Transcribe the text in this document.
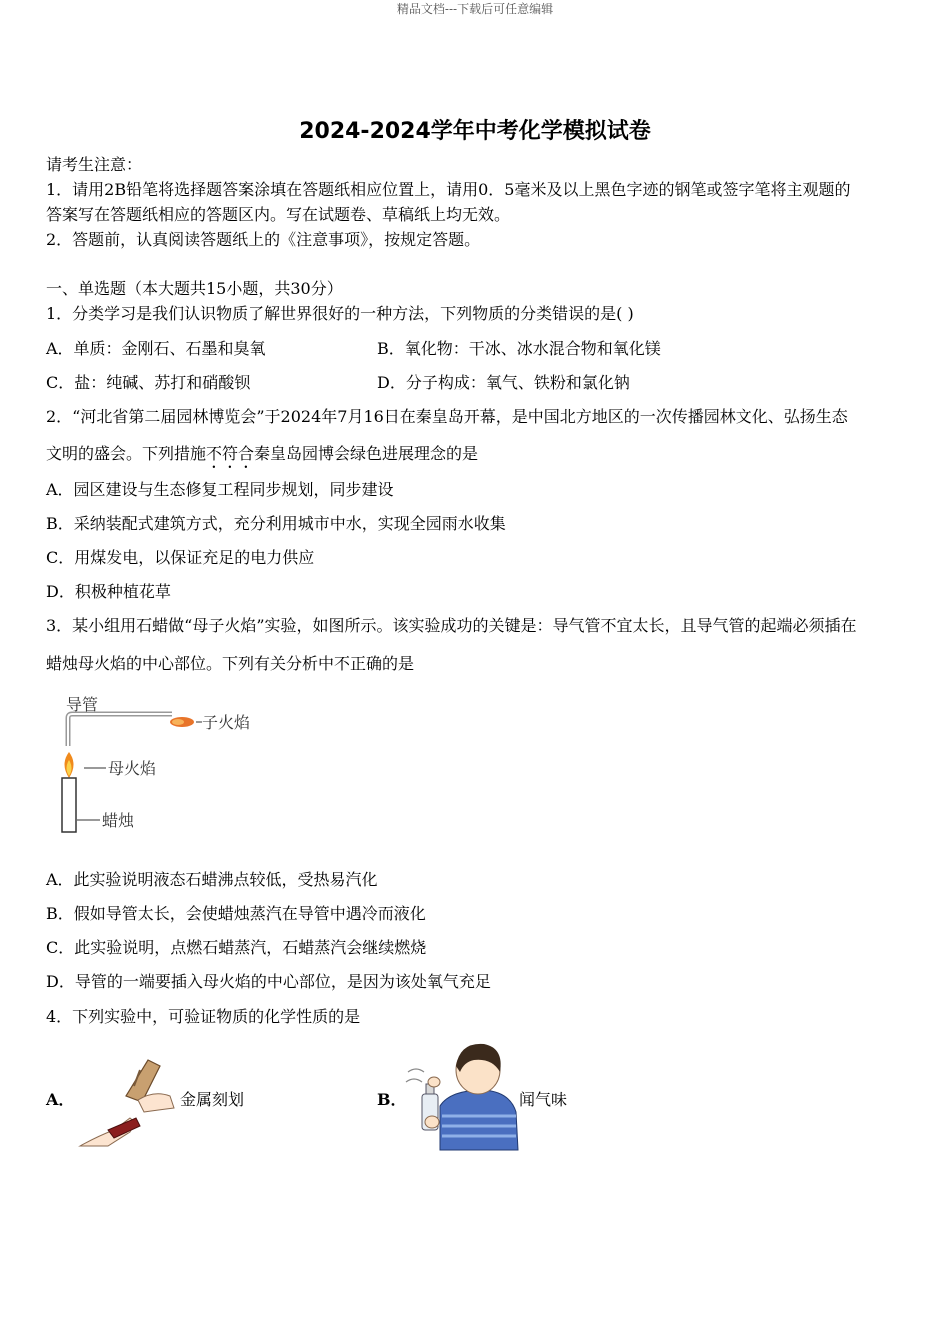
精品文档---下载后可任意编辑
2024-2024学年中考化学模拟试卷
请考生注意：
1．请用2B铅笔将选择题答案涂填在答题纸相应位置上，请用0．5毫米及以上黑色字迹的钢笔或签字笔将主观题的
答案写在答题纸相应的答题区内。写在试题卷、草稿纸上均无效。
2．答题前，认真阅读答题纸上的《注意事项》，按规定答题。
一、单选题（本大题共15小题，共30分）
1．分类学习是我们认识物质了解世界很好的一种方法，下列物质的分类错误的是( )
A．单质：金刚石、石墨和臭氧	B．氧化物：干冰、冰水混合物和氧化镁
C．盐：纯碱、苏打和硝酸钡	D．分子构成：氧气、铁粉和氯化钠
2．“河北省第二届园林博览会”于2024年7月16日在秦皇岛开幕，是中国北方地区的一次传播园林文化、弘扬生态
文明的盛会。下列措施不符合秦皇岛园博会绿色进展理念的是
A．园区建设与生态修复工程同步规划，同步建设
B．采纳装配式建筑方式，充分利用城市中水，实现全园雨水收集
C．用煤发电，以保证充足的电力供应
D．积极种植花草
3．某小组用石蜡做“母子火焰”实验，如图所示。该实验成功的关键是：导气管不宜太长，且导气管的起端必须插在
蜡烛母火焰的中心部位。下列有关分析中不正确的是
导管
子火焰
母火焰
蜡烛
A．此实验说明液态石蜡沸点较低，受热易汽化
B．假如导管太长，会使蜡烛蒸汽在导管中遇冷而液化
C．此实验说明，点燃石蜡蒸汽，石蜡蒸汽会继续燃烧
D．导管的一端要插入母火焰的中心部位，是因为该处氧气充足
4．下列实验中，可验证物质的化学性质的是
A．	金属刻划	B．	闻气味
